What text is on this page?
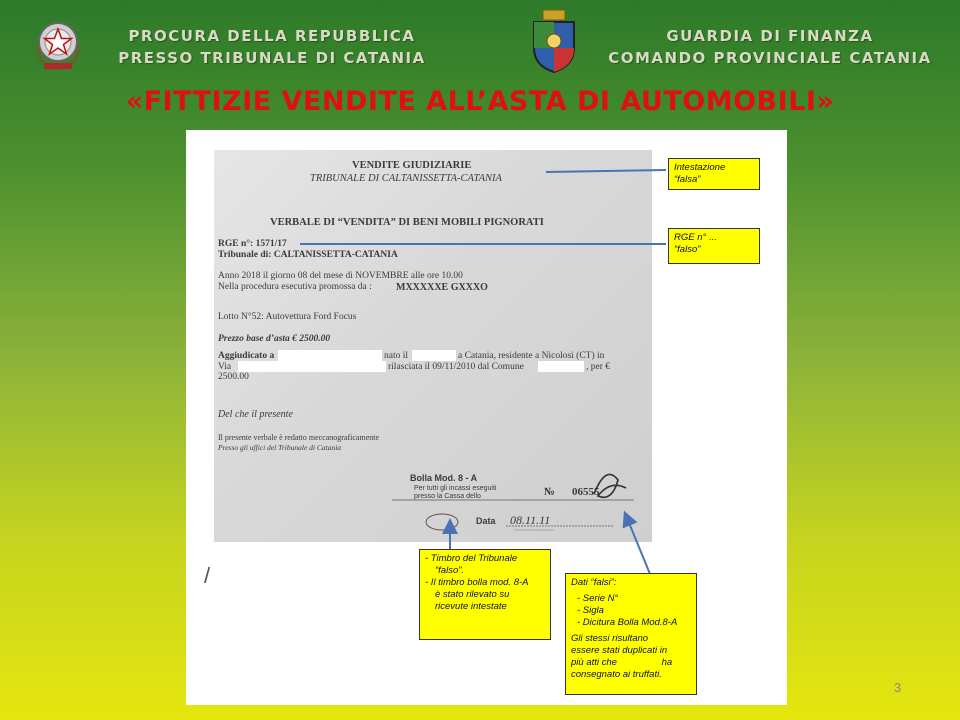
PROCURA DELLA REPUBBLICA
PRESSO TRIBUNALE DI CATANIA
GUARDIA DI FINANZA
COMANDO PROVINCIALE CATANIA
«FITTIZIE VENDITE ALL’ASTA DI AUTOMOBILI»
VENDITE GIUDIZIARIE
TRIBUNALE DI CALTANISSETTA-CATANIA
VERBALE DI “VENDITA” DI BENI MOBILI PIGNORATI
RGE n°: 1571/17
Tribunale di: CALTANISSETTA-CATANIA
Anno 2018 il giorno 08 del mese di NOVEMBRE alle ore 10.00
Nella procedura esecutiva promossa da : MXXXXXE GXXXO
Lotto N°52: Autovettura Ford Focus
Prezzo base d’asta € 2500.00
Aggiudicato a	nato il	a Catania, residente a Nicolosi (CT) in
Via	rilasciata il 09/11/2010 dal Comune	, per €
2500.00
Del che il presente
Il presente verbale è redatto meccanograficamente
Presso gli uffici del Tribunale di Catania
Bolla Mod. 8 - A
Per tutti gli incassi eseguiti
presso la Cassa dello	№ 06555
Data 08.11.11
Intestazione
“falsa”
RGE n° ...
“falso”
- Timbro del Tribunale
“falso”.
- Il timbro bolla mod. 8-A
è stato rilevato su
ricevute intestate
Dati “falsi”:
- Serie N°
- Sigla
- Dicitura Bolla Mod.8-A
Gli stessi risultano
essere stati duplicati in
più atti che	ha
consegnato ai truffati.
/
3
